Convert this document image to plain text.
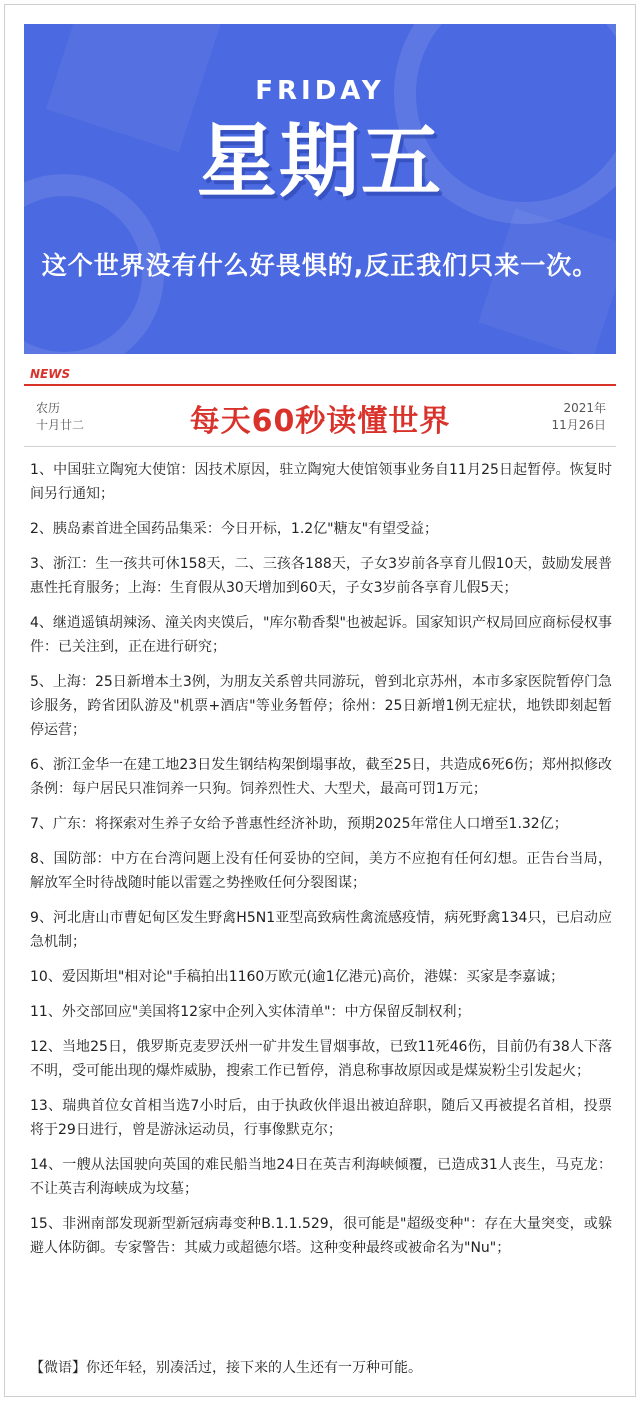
FRIDAY
星期五
这个世界没有什么好畏惧的,反正我们只来一次。
NEWS
农历
十月廿二	每天60秒读懂世界	2021年
11月26日

1、中国驻立陶宛大使馆：因技术原因，驻立陶宛大使馆领事业务自11月25日起暂停。恢复时间另行通知；

2、胰岛素首进全国药品集采：今日开标，1.2亿"糖友"有望受益；

3、浙江：生一孩共可休158天，二、三孩各188天，子女3岁前各享育儿假10天，鼓励发展普惠性托育服务；上海：生育假从30天增加到60天，子女3岁前各享育儿假5天；

4、继逍遥镇胡辣汤、潼关肉夹馍后，"库尔勒香梨"也被起诉。国家知识产权局回应商标侵权事件：已关注到，正在进行研究；

5、上海：25日新增本土3例，为朋友关系曾共同游玩，曾到北京苏州，本市多家医院暂停门急诊服务，跨省团队游及"机票+酒店"等业务暂停；徐州：25日新增1例无症状，地铁即刻起暂停运营；

6、浙江金华一在建工地23日发生钢结构架倒塌事故，截至25日，共造成6死6伤；郑州拟修改条例：每户居民只准饲养一只狗。饲养烈性犬、大型犬，最高可罚1万元；

7、广东：将探索对生养子女给予普惠性经济补助，预期2025年常住人口增至1.32亿；

8、国防部：中方在台湾问题上没有任何妥协的空间，美方不应抱有任何幻想。正告台当局，解放军全时待战随时能以雷霆之势挫败任何分裂图谋；

9、河北唐山市曹妃甸区发生野禽H5N1亚型高致病性禽流感疫情，病死野禽134只，已启动应急机制；

10、爱因斯坦"相对论"手稿拍出1160万欧元(逾1亿港元)高价，港媒：买家是李嘉诚；

11、外交部回应"美国将12家中企列入实体清单"：中方保留反制权利；

12、当地25日，俄罗斯克麦罗沃州一矿井发生冒烟事故，已致11死46伤，目前仍有38人下落不明，受可能出现的爆炸威胁，搜索工作已暂停，消息称事故原因或是煤炭粉尘引发起火；

13、瑞典首位女首相当选7小时后，由于执政伙伴退出被迫辞职，随后又再被提名首相，投票将于29日进行，曾是游泳运动员，行事像默克尔；

14、一艘从法国驶向英国的难民船当地24日在英吉利海峡倾覆，已造成31人丧生，马克龙：不让英吉利海峡成为坟墓；

15、非洲南部发现新型新冠病毒变种B.1.1.529，很可能是"超级变种"：存在大量突变，或躲避人体防御。专家警告：其威力或超德尔塔。这种变种最终或被命名为"Nu"；

【微语】你还年轻，别凑活过，接下来的人生还有一万种可能。
